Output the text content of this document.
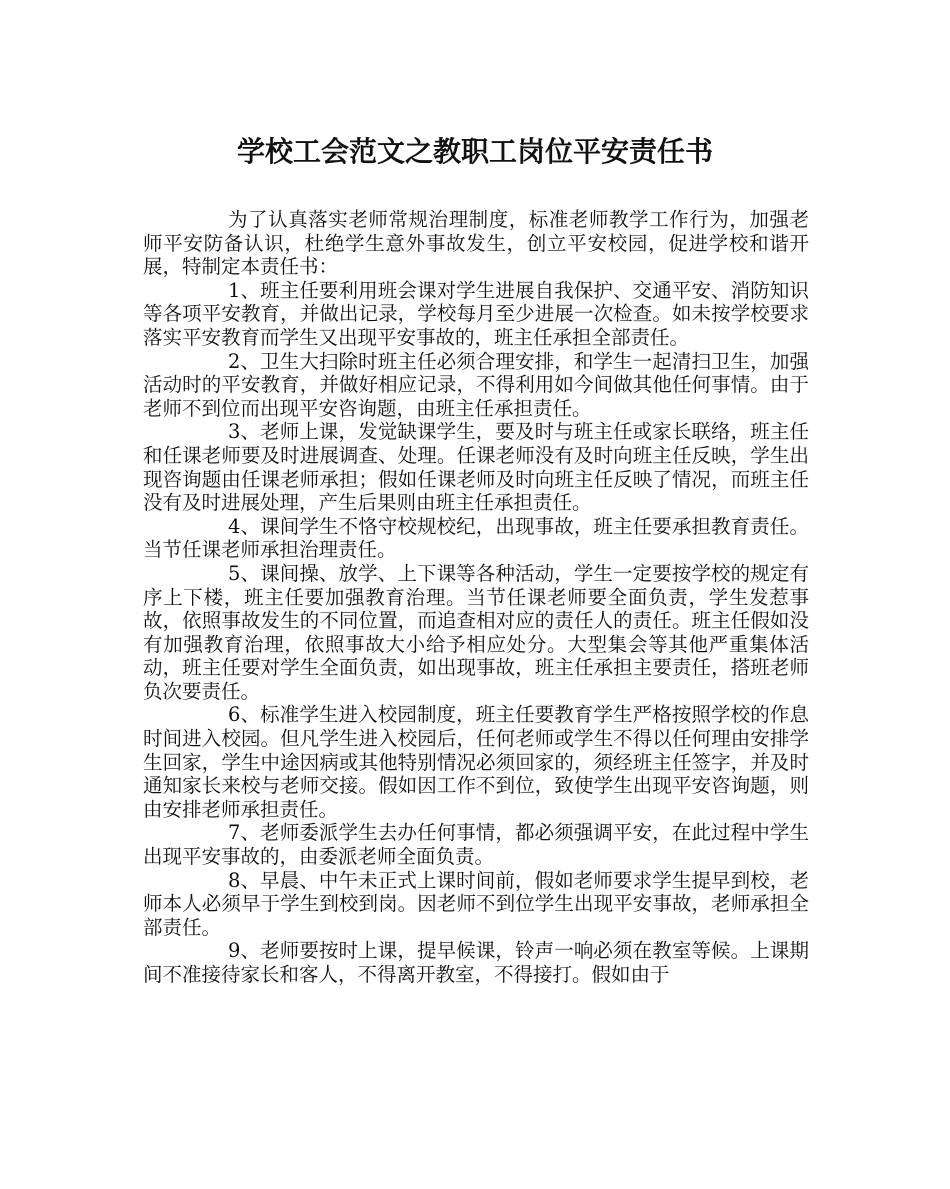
学校工会范文之教职工岗位平安责任书

为了认真落实老师常规治理制度，标准老师教学工作行为，加强老师平安防备认识，杜绝学生意外事故发生，创立平安校园，促进学校和谐开展，特制定本责任书：

1、班主任要利用班会课对学生进展自我保护、交通平安、消防知识等各项平安教育，并做出记录，学校每月至少进展一次检查。如未按学校要求落实平安教育而学生又出现平安事故的，班主任承担全部责任。

2、卫生大扫除时班主任必须合理安排，和学生一起清扫卫生，加强活动时的平安教育，并做好相应记录，不得利用如今间做其他任何事情。由于老师不到位而出现平安咨询题，由班主任承担责任。

3、老师上课，发觉缺课学生，要及时与班主任或家长联络，班主任和任课老师要及时进展调查、处理。任课老师没有及时向班主任反映，学生出现咨询题由任课老师承担；假如任课老师及时向班主任反映了情况，而班主任没有及时进展处理，产生后果则由班主任承担责任。

4、课间学生不恪守校规校纪，出现事故，班主任要承担教育责任。当节任课老师承担治理责任。

5、课间操、放学、上下课等各种活动，学生一定要按学校的规定有序上下楼，班主任要加强教育治理。当节任课老师要全面负责，学生发惹事故，依照事故发生的不同位置，而追查相对应的责任人的责任。班主任假如没有加强教育治理，依照事故大小给予相应处分。大型集会等其他严重集体活动，班主任要对学生全面负责，如出现事故，班主任承担主要责任，搭班老师负次要责任。

6、标准学生进入校园制度，班主任要教育学生严格按照学校的作息时间进入校园。但凡学生进入校园后，任何老师或学生不得以任何理由安排学生回家，学生中途因病或其他特别情况必须回家的，须经班主任签字，并及时通知家长来校与老师交接。假如因工作不到位，致使学生出现平安咨询题，则由安排老师承担责任。

7、老师委派学生去办任何事情，都必须强调平安，在此过程中学生出现平安事故的，由委派老师全面负责。

8、早晨、中午未正式上课时间前，假如老师要求学生提早到校，老师本人必须早于学生到校到岗。因老师不到位学生出现平安事故，老师承担全部责任。

9、老师要按时上课，提早候课，铃声一响必须在教室等候。上课期间不准接待家长和客人，不得离开教室，不得接打。假如由于
